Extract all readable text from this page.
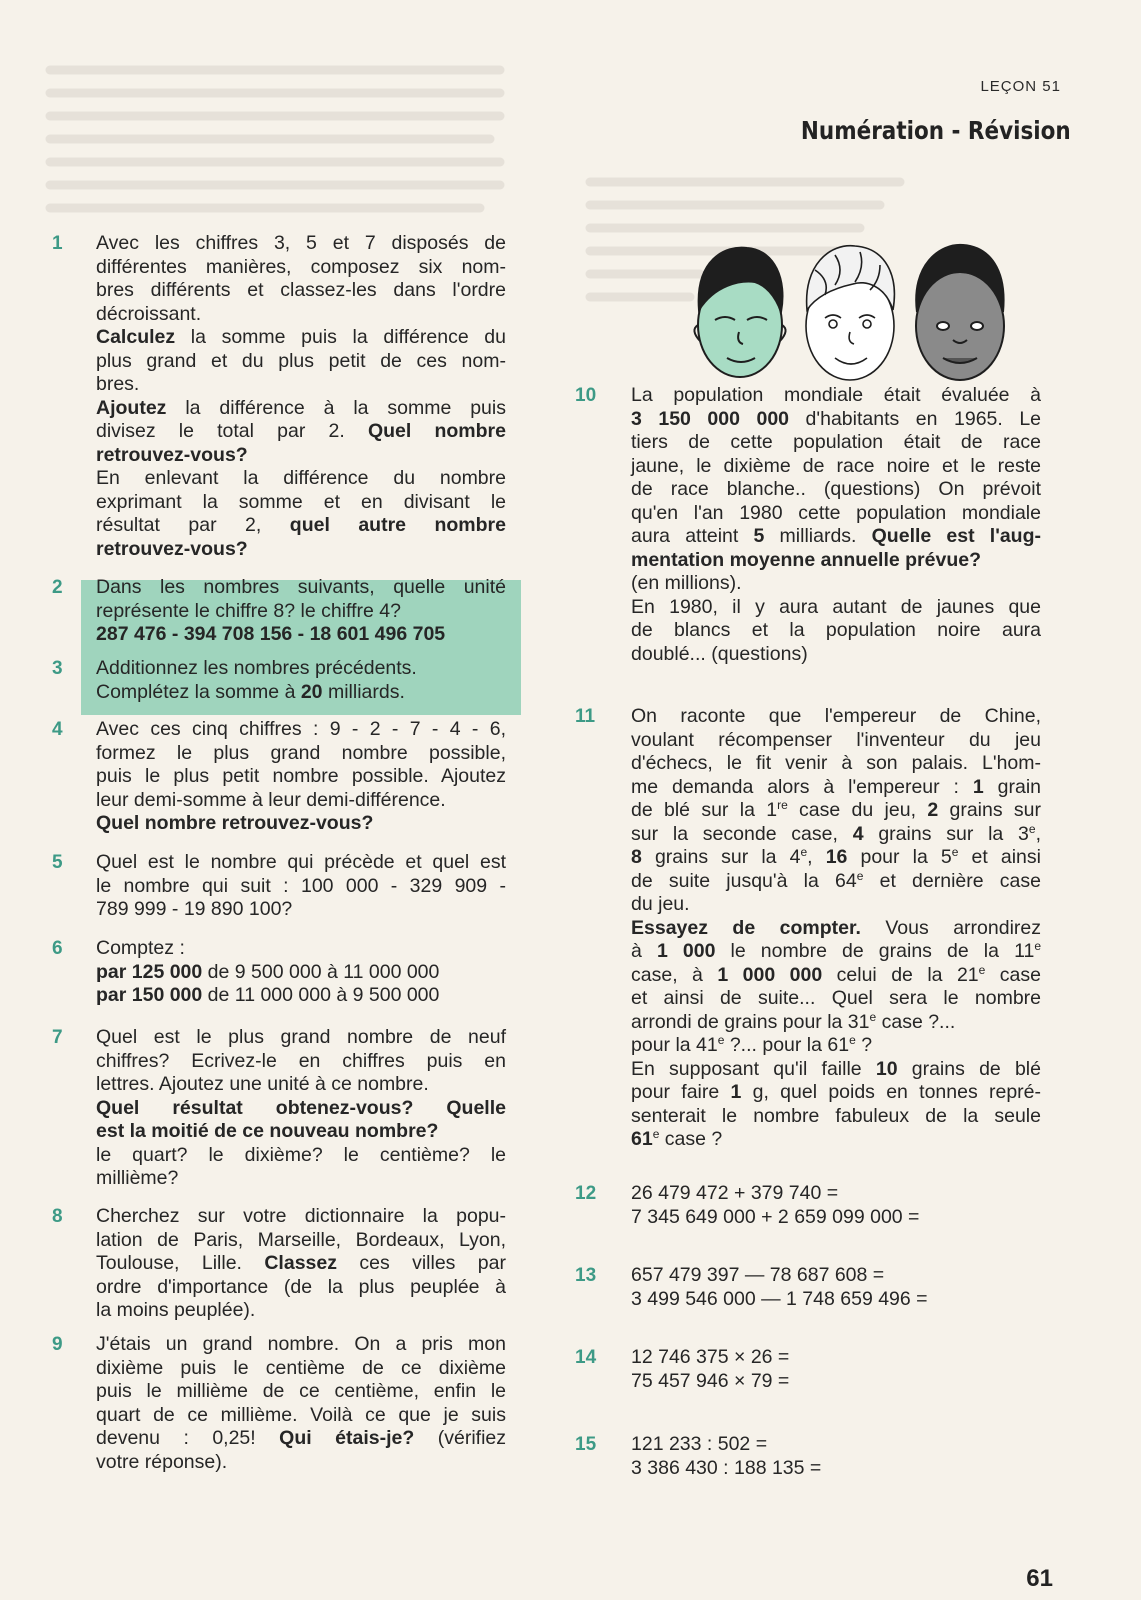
LEÇON 51
Numération - Révision
1	Avec les chiffres 3, 5 et 7 disposés de
différentes manières, composez six nom-
bres différents et classez-les dans l'ordre
décroissant.
Calculez la somme puis la différence du
plus grand et du plus petit de ces nom-
bres.
Ajoutez la différence à la somme puis
divisez le total par 2. Quel nombre
retrouvez-vous?
En enlevant la différence du nombre
exprimant la somme et en divisant le
résultat par 2, quel autre nombre
retrouvez-vous?
2	Dans les nombres suivants, quelle unité
représente le chiffre 8? le chiffre 4?
287 476 - 394 708 156 - 18 601 496 705
3	Additionnez les nombres précédents.
Complétez la somme à 20 milliards.
4	Avec ces cinq chiffres : 9 - 2 - 7 - 4 - 6,
formez le plus grand nombre possible,
puis le plus petit nombre possible. Ajoutez
leur demi-somme à leur demi-différence.
Quel nombre retrouvez-vous?
5	Quel est le nombre qui précède et quel est
le nombre qui suit : 100 000 - 329 909 -
789 999 - 19 890 100?
6	Comptez :
par 125 000 de 9 500 000 à 11 000 000
par 150 000 de 11 000 000 à 9 500 000
7	Quel est le plus grand nombre de neuf
chiffres? Ecrivez-le en chiffres puis en
lettres. Ajoutez une unité à ce nombre.
Quel résultat obtenez-vous? Quelle
est la moitié de ce nouveau nombre?
le quart? le dixième? le centième? le
millième?
8	Cherchez sur votre dictionnaire la popu-
lation de Paris, Marseille, Bordeaux, Lyon,
Toulouse, Lille. Classez ces villes par
ordre d'importance (de la plus peuplée à
la moins peuplée).
9	J'étais un grand nombre. On a pris mon
dixième puis le centième de ce dixième
puis le millième de ce centième, enfin le
quart de ce millième. Voilà ce que je suis
devenu : 0,25! Qui étais-je? (vérifiez
votre réponse).
10	La population mondiale était évaluée à
3 150 000 000 d'habitants en 1965. Le
tiers de cette population était de race
jaune, le dixième de race noire et le reste
de race blanche.. (questions) On prévoit
qu'en l'an 1980 cette population mondiale
aura atteint 5 milliards. Quelle est l'aug-
mentation moyenne annuelle prévue?
(en millions).
En 1980, il y aura autant de jaunes que
de blancs et la population noire aura
doublé... (questions)
11	On raconte que l'empereur de Chine,
voulant récompenser l'inventeur du jeu
d'échecs, le fit venir à son palais. L'hom-
me demanda alors à l'empereur : 1 grain
de blé sur la 1re case du jeu, 2 grains sur
sur la seconde case, 4 grains sur la 3e,
8 grains sur la 4e, 16 pour la 5e et ainsi
de suite jusqu'à la 64e et dernière case
du jeu.
Essayez de compter. Vous arrondirez
à 1 000 le nombre de grains de la 11e
case, à 1 000 000 celui de la 21e case
et ainsi de suite... Quel sera le nombre
arrondi de grains pour la 31e case ?...
pour la 41e ?... pour la 61e ?
En supposant qu'il faille 10 grains de blé
pour faire 1 g, quel poids en tonnes repré-
senterait le nombre fabuleux de la seule
61e case ?
12	26 479 472 + 379 740 =
7 345 649 000 + 2 659 099 000 =
13	657 479 397 — 78 687 608 =
3 499 546 000 — 1 748 659 496 =
14	12 746 375 × 26 =
75 457 946 × 79 =
15	121 233 : 502 =
3 386 430 : 188 135 =
61
